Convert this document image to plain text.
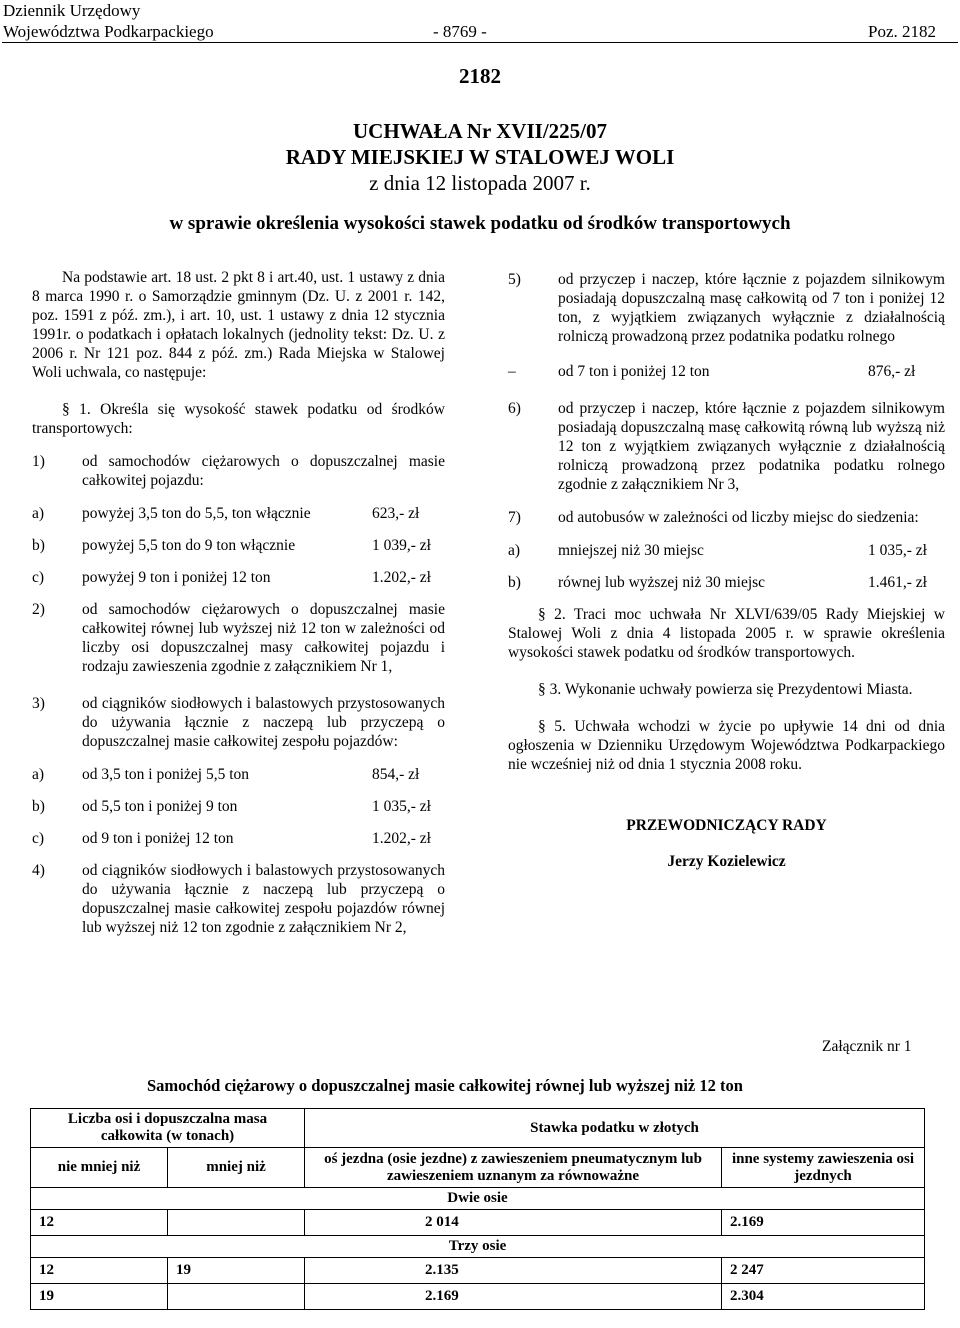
Dziennik Urzędowy
Województwa Podkarpackiego	- 8769 -	Poz. 2182
2182
UCHWAŁA Nr XVII/225/07
RADY MIEJSKIEJ W STALOWEJ WOLI
z dnia 12 listopada 2007 r.
w sprawie określenia wysokości stawek podatku od środków transportowych

Na podstawie art. 18 ust. 2 pkt 8 i art.40, ust. 1 ustawy z dnia 8 marca 1990 r. o Samorządzie gminnym (Dz. U. z 2001 r. 142, poz. 1591 z póź. zm.), i art. 10, ust. 1 ustawy z dnia 12 stycznia 1991r. o podatkach i opłatach lokalnych (jednolity tekst: Dz. U. z 2006 r. Nr 121 poz. 844 z póź. zm.) Rada Miejska w Stalowej Woli uchwala, co następuje:

§ 1. Określa się wysokość stawek podatku od środków transportowych:

1)	od samochodów ciężarowych o dopuszczalnej masie całkowitej pojazdu:
a)	powyżej 3,5 ton do 5,5, ton włącznie	623,- zł
b)	powyżej 5,5 ton do 9 ton włącznie	1 039,- zł
c)	powyżej 9 ton i poniżej 12 ton	1.202,- zł
2)	od samochodów ciężarowych o dopuszczalnej masie całkowitej równej lub wyższej niż 12 ton w zależności od liczby osi dopuszczalnej masy całkowitej pojazdu i rodzaju zawieszenia zgodnie z załącznikiem Nr 1,
3)	od ciągników siodłowych i balastowych przystosowanych do używania łącznie z naczepą lub przyczepą o dopuszczalnej masie całkowitej zespołu pojazdów:
a)	od 3,5 ton i poniżej 5,5 ton	854,- zł
b)	od 5,5 ton i poniżej 9 ton	1 035,- zł
c)	od 9 ton i poniżej 12 ton	1.202,- zł
4)	od ciągników siodłowych i balastowych przystosowanych do używania łącznie z naczepą lub przyczepą o dopuszczalnej masie całkowitej zespołu pojazdów równej lub wyższej niż 12 ton zgodnie z załącznikiem Nr 2,
5)	od przyczep i naczep, które łącznie z pojazdem silnikowym posiadają dopuszczalną masę całkowitą od 7 ton i poniżej 12 ton, z wyjątkiem związanych wyłącznie z działalnością rolniczą prowadzoną przez podatnika podatku rolnego
–	od 7 ton i poniżej 12 ton	876,- zł
6)	od przyczep i naczep, które łącznie z pojazdem silnikowym posiadają dopuszczalną masę całkowitą równą lub wyższą niż 12 ton z wyjątkiem związanych wyłącznie z działalnością rolniczą prowadzoną przez podatnika podatku rolnego zgodnie z załącznikiem Nr 3,
7)	od autobusów w zależności od liczby miejsc do siedzenia:
a)	mniejszej niż 30 miejsc	1 035,- zł
b)	równej lub wyższej niż 30 miejsc	1.461,- zł

§ 2. Traci moc uchwała Nr XLVI/639/05 Rady Miejskiej w Stalowej Woli z dnia 4 listopada 2005 r. w sprawie określenia wysokości stawek podatku od środków transportowych.

§ 3. Wykonanie uchwały powierza się Prezydentowi Miasta.

§ 5. Uchwała wchodzi w życie po upływie 14 dni od dnia ogłoszenia w Dzienniku Urzędowym Województwa Podkarpackiego nie wcześniej niż od dnia 1 stycznia 2008 roku.

PRZEWODNICZĄCY RADY
Jerzy Kozielewicz
Załącznik nr 1
Samochód ciężarowy o dopuszczalnej masie całkowitej równej lub wyższej niż 12 ton
Liczba osi i dopuszczalna masa całkowita (w tonach)		Stawka podatku w złotych	
nie mniej niż	mniej niż	oś jezdna (osie jezdne) z zawieszeniem pneumatycznym lub zawieszeniem uznanym za równoważne	inne systemy zawieszenia osi jezdnych
Dwie osie			
12		2 014	2.169
Trzy osie			
12	19	2.135	2 247
19		2.169	2.304
